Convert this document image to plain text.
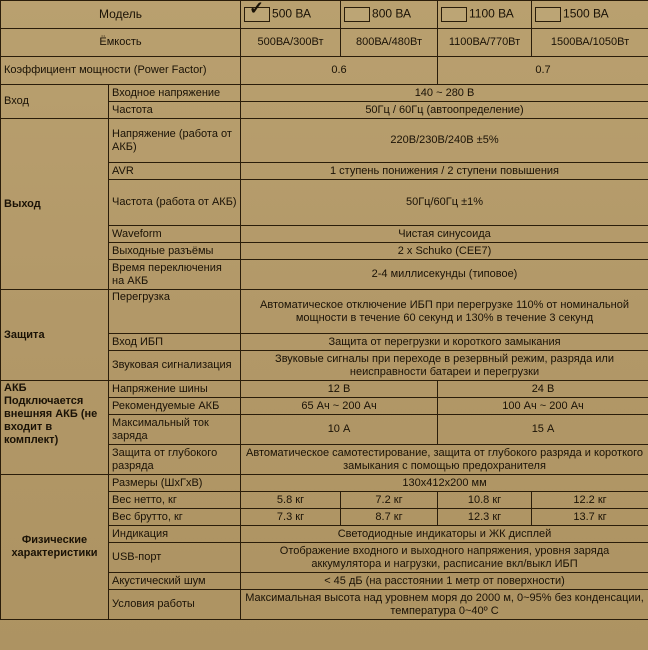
Модель		✓ 500 ВА	800 ВА	1100 ВА	1500 ВА
Ёмкость		500ВА/300Вт	800ВА/480Вт	1100ВА/770Вт	1500ВА/1050Вт
Коэффициент мощности (Power Factor)		0.6		0.7	
Вход	Входное напряжение	140 ~ 280 В			
	Частота	50Гц / 60Гц (автоопределение)			
Выход	Напряжение (работа от АКБ)	220В/230В/240В ±5%			
	AVR	1 ступень понижения / 2 ступени повышения			
	Частота (работа от АКБ)	50Гц/60Гц ±1%			
	Waveform	Чистая синусоида			
	Выходные разъёмы	2 x Schuko (CEE7)			
	Время переключения на АКБ	2-4 миллисекунды (типовое)			
Защита	Перегрузка	Автоматическое отключение ИБП при перегрузке 110% от номинальной мощности в течение 60 секунд и 130% в течение 3 секунд			
	Вход ИБП	Защита от перегрузки и короткого замыкания			
	Звуковая сигнализация	Звуковые сигналы при переходе в резервный режим, разряда или неисправности батареи и перегрузки			
АКБ Подключается внешняя АКБ (не входит в комплект)	Напряжение шины	12 В		24 В	
	Рекомендуемые АКБ	65 Ач ~ 200 Ач		100 Ач ~ 200 Ач	
	Максимальный ток заряда	10 А		15 А	
	Защита от глубокого разряда	Автоматическое самотестирование, защита от глубокого разряда и короткого замыкания с помощью предохранителя			
Физические характеристики	Размеры (ШхГхВ)	130x412x200 мм			
	Вес нетто, кг	5.8 кг	7.2 кг	10.8 кг	12.2 кг
	Вес брутто, кг	7.3 кг	8.7 кг	12.3 кг	13.7 кг
	Индикация	Светодиодные индикаторы и ЖК дисплей			
	USB-порт	Отображение входного и выходного напряжения, уровня заряда аккумулятора и нагрузки, расписание вкл/выкл ИБП			
	Акустический шум	< 45 дБ (на расстоянии 1 метр от поверхности)			
	Условия работы	Максимальная высота над уровнем моря до 2000 м, 0~95% без конденсации, температура 0~40º С			
